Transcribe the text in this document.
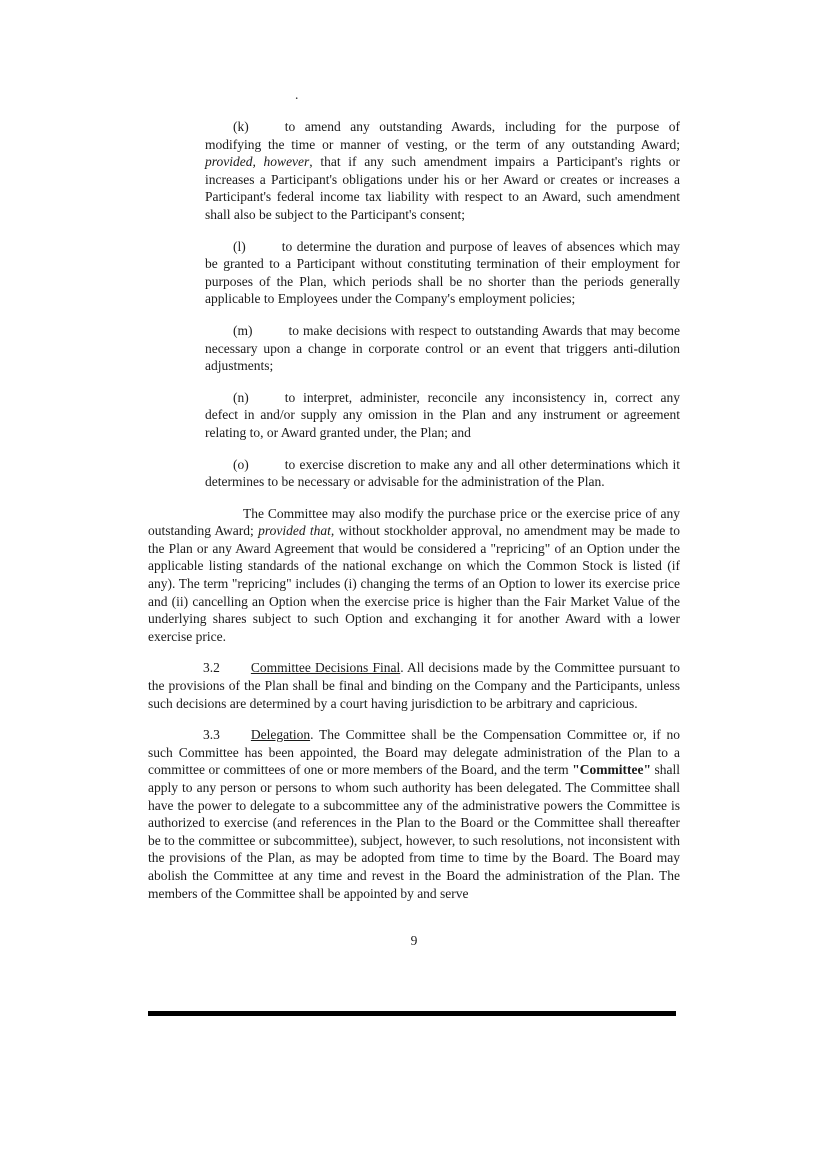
.

(k)	to amend any outstanding Awards, including for the purpose of modifying the time or manner of vesting, or the term of any outstanding Award; provided, however, that if any such amendment impairs a Participant's rights or increases a Participant's obligations under his or her Award or creates or increases a Participant's federal income tax liability with respect to an Award, such amendment shall also be subject to the Participant's consent;

(l)	to determine the duration and purpose of leaves of absences which may be granted to a Participant without constituting termination of their employment for purposes of the Plan, which periods shall be no shorter than the periods generally applicable to Employees under the Company's employment policies;

(m)	to make decisions with respect to outstanding Awards that may become necessary upon a change in corporate control or an event that triggers anti-dilution adjustments;

(n)	to interpret, administer, reconcile any inconsistency in, correct any defect in and/or supply any omission in the Plan and any instrument or agreement relating to, or Award granted under, the Plan; and

(o)	to exercise discretion to make any and all other determinations which it determines to be necessary or advisable for the administration of the Plan.

The Committee may also modify the purchase price or the exercise price of any outstanding Award; provided that, without stockholder approval, no amendment may be made to the Plan or any Award Agreement that would be considered a "repricing" of an Option under the applicable listing standards of the national exchange on which the Common Stock is listed (if any). The term "repricing" includes (i) changing the terms of an Option to lower its exercise price and (ii) cancelling an Option when the exercise price is higher than the Fair Market Value of the underlying shares subject to such Option and exchanging it for another Award with a lower exercise price.

3.2 Committee Decisions Final. All decisions made by the Committee pursuant to the provisions of the Plan shall be final and binding on the Company and the Participants, unless such decisions are determined by a court having jurisdiction to be arbitrary and capricious.

3.3 Delegation. The Committee shall be the Compensation Committee or, if no such Committee has been appointed, the Board may delegate administration of the Plan to a committee or committees of one or more members of the Board, and the term "Committee" shall apply to any person or persons to whom such authority has been delegated. The Committee shall have the power to delegate to a subcommittee any of the administrative powers the Committee is authorized to exercise (and references in the Plan to the Board or the Committee shall thereafter be to the committee or subcommittee), subject, however, to such resolutions, not inconsistent with the provisions of the Plan, as may be adopted from time to time by the Board. The Board may abolish the Committee at any time and revest in the Board the administration of the Plan. The members of the Committee shall be appointed by and serve

9
